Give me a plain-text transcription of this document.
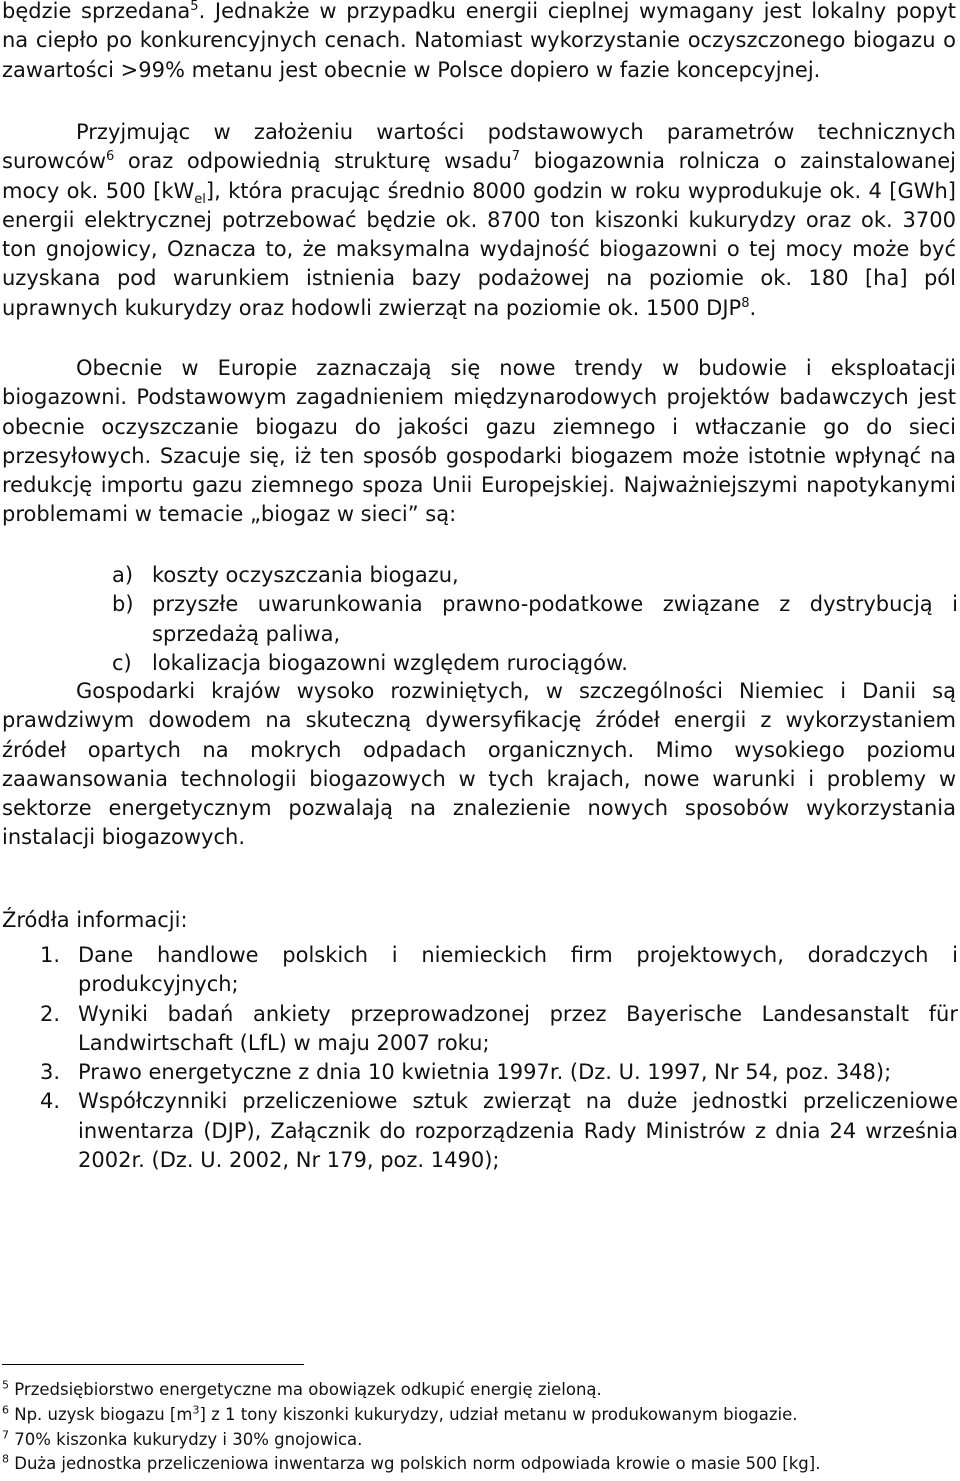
będzie sprzedana$^5$. Jednakże w przypadku energii cieplnej wymagany jest lokalny popyt na ciepło po konkurencyjnych cenach. Natomiast wykorzystanie oczyszczonego biogazu o zawartości >99% metanu jest obecnie w Polsce dopiero w fazie koncepcyjnej.

Przyjmując w założeniu wartości podstawowych parametrów technicznych surowców$^6$ oraz odpowiednią strukturę wsadu$^7$ biogazownia rolnicza o zainstalowanej mocy ok. 500 $[kW_{el}]$, która pracując średnio 8000 godzin w roku wyprodukuje ok. 4 [GWh] energii elektrycznej potrzebować będzie ok. 8700 ton kiszonki kukurydzy oraz ok. 3700 ton gnojowicy, Oznacza to, że maksymalna wydajność biogazowni o tej mocy może być uzyskana pod warunkiem istnienia bazy podażowej na poziomie ok. 180 [ha] pól uprawnych kukurydzy oraz hodowli zwierząt na poziomie ok. 1500 DJP$^8$.

Obecnie w Europie zaznaczają się nowe trendy w budowie i eksploatacji biogazowni. Podstawowym zagadnieniem międzynarodowych projektów badawczych jest obecnie oczyszczanie biogazu do jakości gazu ziemnego i wtłaczanie go do sieci przesyłowych. Szacuje się, iż ten sposób gospodarki biogazem może istotnie wpłynąć na redukcję importu gazu ziemnego spoza Unii Europejskiej. Najważniejszymi napotykanymi problemami w temacie „biogaz w sieci” są:

a) koszty oczyszczania biogazu,
b) przyszłe uwarunkowania prawno-podatkowe związane z dystrybucją i sprzedażą paliwa,
c) lokalizacja biogazowni względem rurociągów.

Gospodarki krajów wysoko rozwiniętych, w szczególności Niemiec i Danii są prawdziwym dowodem na skuteczną dywersyfikację źródeł energii z wykorzystaniem źródeł opartych na mokrych odpadach organicznych. Mimo wysokiego poziomu zaawansowania technologii biogazowych w tych krajach, nowe warunki i problemy w sektorze energetycznym pozwalają na znalezienie nowych sposobów wykorzystania instalacji biogazowych.

Źródła informacji:

1. Dane handlowe polskich i niemieckich firm projektowych, doradczych i produkcyjnych;
2. Wyniki badań ankiety przeprowadzonej przez Bayerische Landesanstalt für Landwirtschaft (LfL) w maju 2007 roku;
3. Prawo energetyczne z dnia 10 kwietnia 1997r. (Dz. U. 1997, Nr 54, poz. 348);
4. Współczynniki przeliczeniowe sztuk zwierząt na duże jednostki przeliczeniowe inwentarza (DJP), Załącznik do rozporządzenia Rady Ministrów z dnia 24 września 2002r. (Dz. U. 2002, Nr 179, poz. 1490);

$^5$ Przedsiębiorstwo energetyczne ma obowiązek odkupić energię zieloną.

$^6$ Np. uzysk biogazu $[m^3]$ z 1 tony kiszonki kukurydzy, udział metanu w produkowanym biogazie.

$^7$ 70% kiszonka kukurydzy i 30% gnojowica.

$^8$ Duża jednostka przeliczeniowa inwentarza wg polskich norm odpowiada krowie o masie 500 [kg].
